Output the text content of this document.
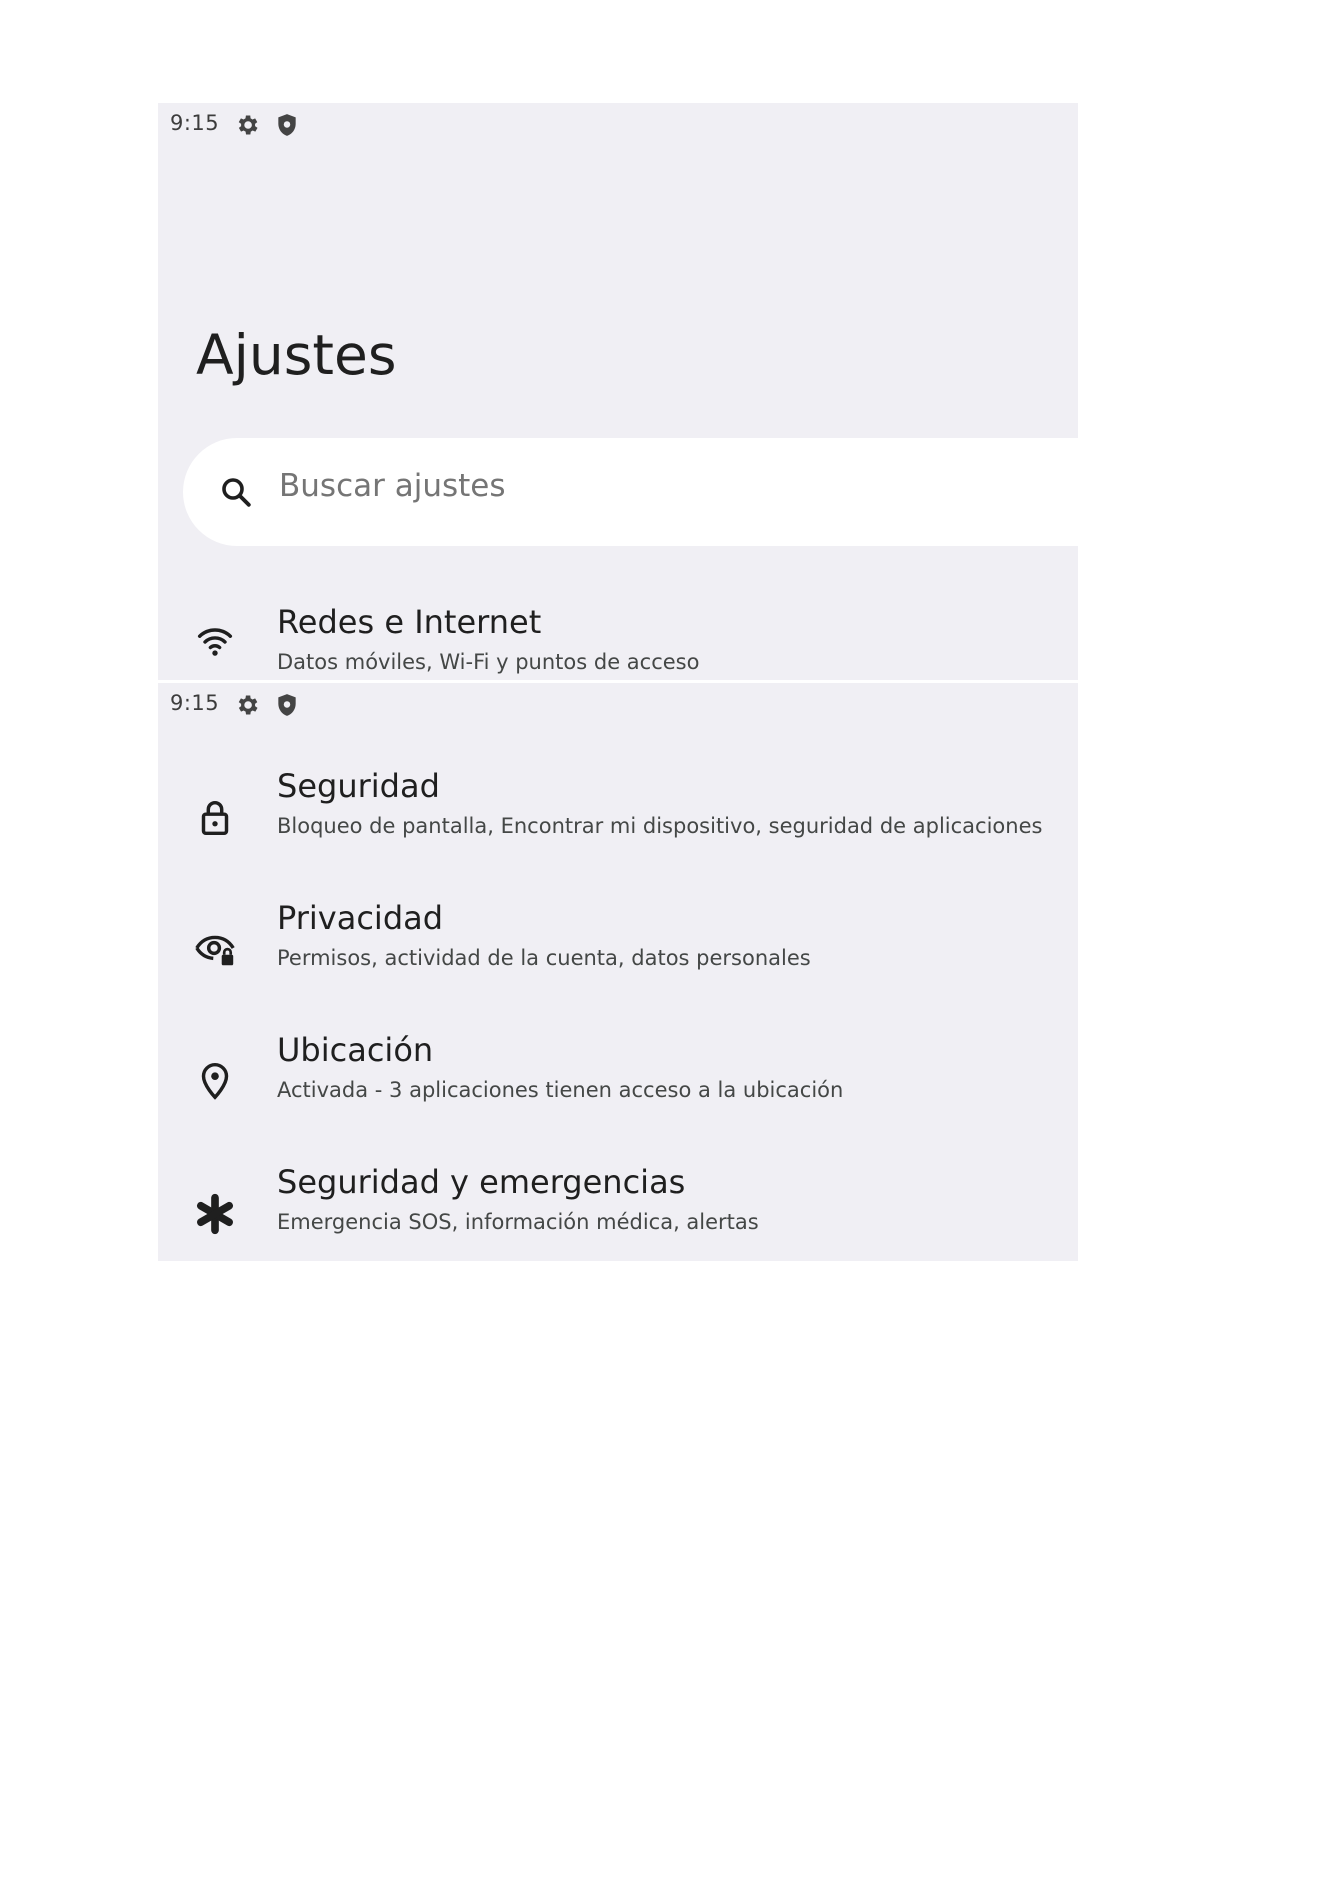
9:15
Ajustes
Buscar ajustes
Redes e Internet
Datos móviles, Wi-Fi y puntos de acceso
9:15
Seguridad
Bloqueo de pantalla, Encontrar mi dispositivo, seguridad de aplicaciones
Privacidad
Permisos, actividad de la cuenta, datos personales
Ubicación
Activada - 3 aplicaciones tienen acceso a la ubicación
Seguridad y emergencias
Emergencia SOS, información médica, alertas
